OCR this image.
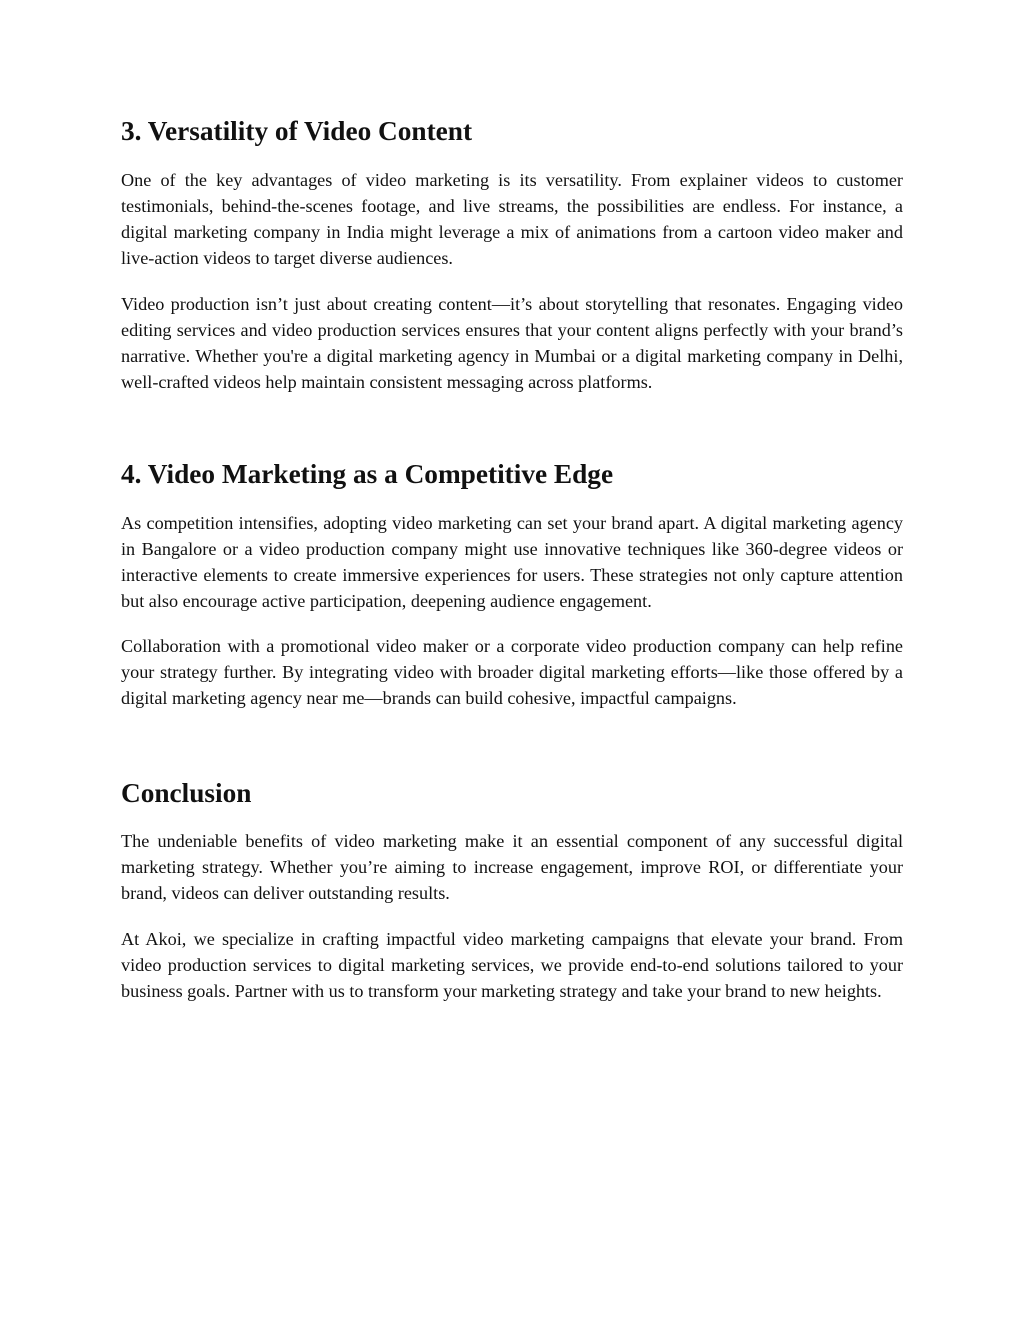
3. Versatility of Video Content

One of the key advantages of video marketing is its versatility. From explainer videos to customer testimonials, behind-the-scenes footage, and live streams, the possibilities are endless. For instance, a digital marketing company in India might leverage a mix of animations from a cartoon video maker and live-action videos to target diverse audiences.

Video production isn’t just about creating content—it’s about storytelling that resonates. Engaging video editing services and video production services ensures that your content aligns perfectly with your brand’s narrative. Whether you're a digital marketing agency in Mumbai or a digital marketing company in Delhi, well-crafted videos help maintain consistent messaging across platforms.

4. Video Marketing as a Competitive Edge

As competition intensifies, adopting video marketing can set your brand apart. A digital marketing agency in Bangalore or a video production company might use innovative techniques like 360-degree videos or interactive elements to create immersive experiences for users. These strategies not only capture attention but also encourage active participation, deepening audience engagement.

Collaboration with a promotional video maker or a corporate video production company can help refine your strategy further. By integrating video with broader digital marketing efforts—like those offered by a digital marketing agency near me—brands can build cohesive, impactful campaigns.

Conclusion

The undeniable benefits of video marketing make it an essential component of any successful digital marketing strategy. Whether you’re aiming to increase engagement, improve ROI, or differentiate your brand, videos can deliver outstanding results.

At Akoi, we specialize in crafting impactful video marketing campaigns that elevate your brand. From video production services to digital marketing services, we provide end-to-end solutions tailored to your business goals. Partner with us to transform your marketing strategy and take your brand to new heights.
